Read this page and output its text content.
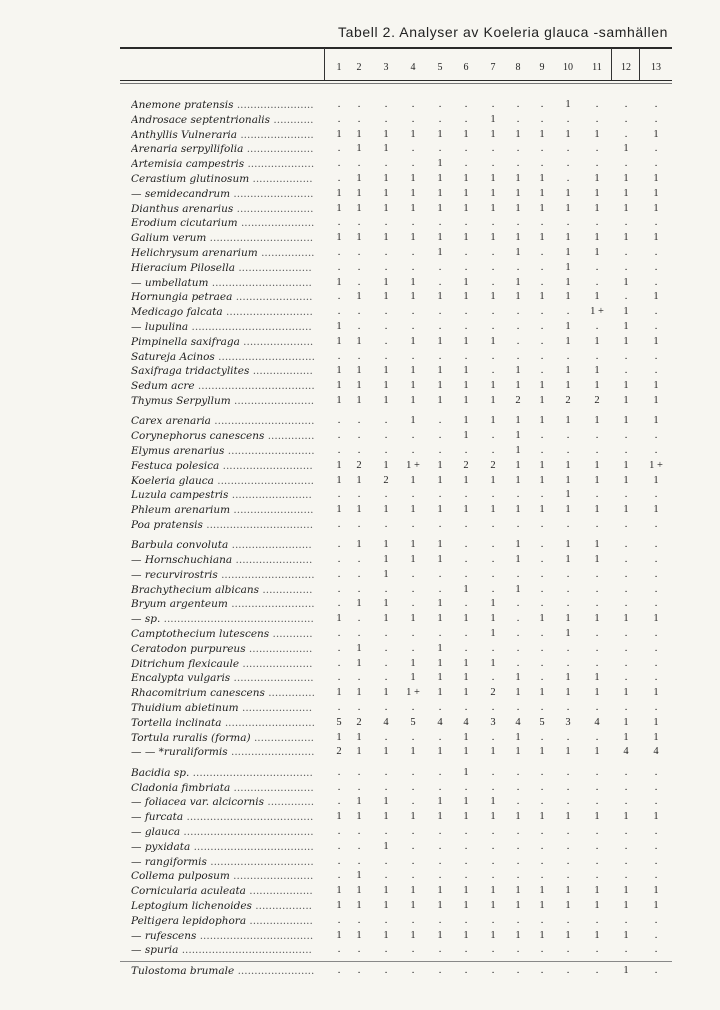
Tabell 2. Analyser av Koeleria glauca -samhällen
1	2	3	4	5	6	7	8	9	10	11	12	13
Anemone pratensis .......................	.	.	.	.	.	.	.	.	.	1	.	.	.
Androsace septentrionalis ............	.	.	.	.	.	.	1	.	.	.	.	.	.
Anthyllis Vulneraria ......................	1	1	1	1	1	1	1	1	1	1	1	.	1
Arenaria serpyllifolia ....................	.	1	1	.	.	.	.	.	.	.	.	1	.
Artemisia campestris ....................	.	.	.	.	1	.	.	.	.	.	.	.	.
Cerastium glutinosum ..................	.	1	1	1	1	1	1	1	1	.	1	1	1
— semidecandrum ........................	1	1	1	1	1	1	1	1	1	1	1	1	1
Dianthus arenarius .......................	1	1	1	1	1	1	1	1	1	1	1	1	1
Erodium cicutarium ......................	.	.	.	.	.	.	.	.	.	.	.	.	.
Galium verum ...............................	1	1	1	1	1	1	1	1	1	1	1	1	1
Helichrysum arenarium ................	.	.	.	.	1	.	.	1	.	1	1	.	.
Hieracium Pilosella ......................	.	.	.	.	.	.	.	.	.	1	.	.	.
— umbellatum ..............................	1	.	1	1	.	1	.	1	.	1	.	1	.
Hornungia petraea .......................	.	1	1	1	1	1	1	1	1	1	1	.	1
Medicago falcata ..........................	.	.	.	.	.	.	.	.	.	.	1 +	1	.
— lupulina ....................................	1	.	.	.	.	.	.	.	.	1	.	1	.
Pimpinella saxifraga .....................	1	1	.	1	1	1	1	.	.	1	1	1	1
Satureja Acinos .............................	.	.	.	.	.	.	.	.	.	.	.	.	.
Saxifraga tridactylites ..................	1	1	1	1	1	1	.	1	.	1	1	.	.
Sedum acre ...................................	1	1	1	1	1	1	1	1	1	1	1	1	1
Thymus Serpyllum ........................	1	1	1	1	1	1	1	2	1	2	2	1	1
Carex arenaria ..............................	.	.	.	1	.	1	1	1	1	1	1	1	1
Corynephorus canescens ..............	.	.	.	.	.	1	.	1	.	.	.	.	.
Elymus arenarius ..........................	.	.	.	.	.	.	.	1	.	.	.	.	.
Festuca polesica ...........................	1	2	1	1 +	1	2	2	1	1	1	1	1	1 +
Koeleria glauca .............................	1	1	2	1	1	1	1	1	1	1	1	1	1
Luzula campestris ........................	.	.	.	.	.	.	.	.	.	1	.	.	.
Phleum arenarium ........................	1	1	1	1	1	1	1	1	1	1	1	1	1
Poa pratensis ................................	.	.	.	.	.	.	.	.	.	.	.	.	.
Barbula convoluta ........................	.	1	1	1	1	.	.	1	.	1	1	.	.
— Hornschuchiana .......................	.	.	1	1	1	.	.	1	.	1	1	.	.
— recurvirostris ............................	.	.	1	.	.	.	.	.	.	.	.	.	.
Brachythecium albicans ...............	.	.	.	.	.	1	.	1	.	.	.	.	.
Bryum argenteum .........................	.	1	1	.	1	.	1	.	.	.	.	.	.
— sp. .............................................	1	.	1	1	1	1	1	.	1	1	1	1	1
Camptothecium lutescens ............	.	.	.	.	.	.	1	.	.	1	.	.	.
Ceratodon purpureus ...................	.	1	.	.	1	.	.	.	.	.	.	.	.
Ditrichum flexicaule .....................	.	1	.	1	1	1	1	.	.	.	.	.	.
Encalypta vulgaris ........................	.	.	.	1	1	1	.	1	.	1	1	.	.
Rhacomitrium canescens ..............	1	1	1	1 +	1	1	2	1	1	1	1	1	1
Thuidium abietinum .....................	.	.	.	.	.	.	.	.	.	.	.	.	.
Tortella inclinata ...........................	5	2	4	5	4	4	3	4	5	3	4	1	1
Tortula ruralis (forma) ..................	1	1	.	.	.	1	.	1	.	.	.	1	1
— — *ruraliformis .........................	2	1	1	1	1	1	1	1	1	1	1	4	4
Bacidia sp. ....................................	.	.	.	.	.	1	.	.	.	.	.	.	.
Cladonia fimbriata ........................	.	.	.	.	.	.	.	.	.	.	.	.	.
— foliacea var. alcicornis ..............	.	1	1	.	1	1	1	.	.	.	.	.	.
— furcata ......................................	1	1	1	1	1	1	1	1	1	1	1	1	1
— glauca .......................................	.	.	.	.	.	.	.	.	.	.	.	.	.
— pyxidata ....................................	.	.	1	.	.	.	.	.	.	.	.	.	.
— rangiformis ...............................	.	.	.	.	.	.	.	.	.	.	.	.	.
Collema pulposum ........................	.	1	.	.	.	.	.	.	.	.	.	.	.
Cornicularia aculeata ...................	1	1	1	1	1	1	1	1	1	1	1	1	1
Leptogium lichenoides .................	1	1	1	1	1	1	1	1	1	1	1	1	1
Peltigera lepidophora ...................	.	.	.	.	.	.	.	.	.	.	.	.	.
— rufescens ..................................	1	1	1	1	1	1	1	1	1	1	1	1	.
— spuria .......................................	.	.	.	.	.	.	.	.	.	.	.	.	.
Tulostoma brumale .......................	.	.	.	.	.	.	.	.	.	.	.	1	.
